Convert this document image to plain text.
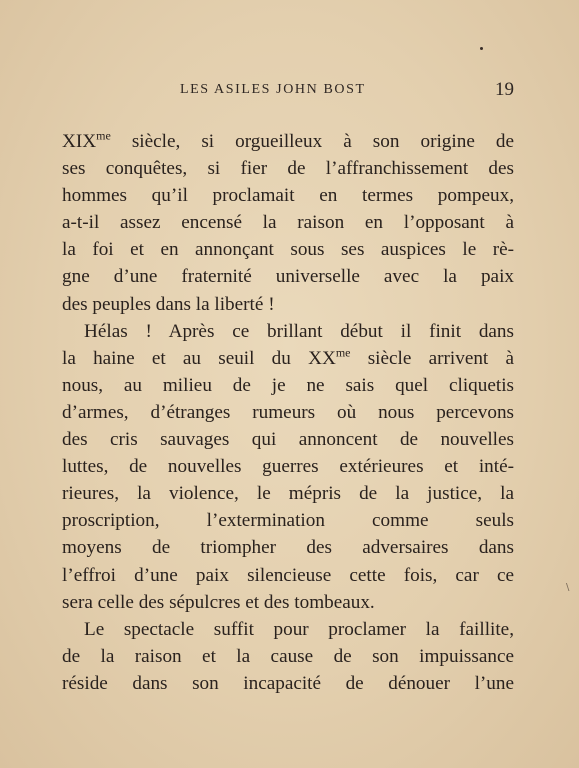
LES ASILES JOHN BOST	19
$XIX^{me}$ siècle, si orgueilleux à son origine de
ses conquêtes, si fier de l’affranchissement des
hommes qu’il proclamait en termes pompeux,
a-t-il assez encensé la raison en l’opposant à
la foi et en annonçant sous ses auspices le rè-
gne d’une fraternité universelle avec la paix
des peuples dans la liberté !
Hélas ! Après ce brillant début il finit dans
la haine et au seuil du $XX^{me}$ siècle arrivent à
nous, au milieu de je ne sais quel cliquetis
d’armes, d’étranges rumeurs où nous percevons
des cris sauvages qui annoncent de nouvelles
luttes, de nouvelles guerres extérieures et inté-
rieures, la violence, le mépris de la justice, la
proscription, l’extermination comme seuls
moyens de triompher des adversaires dans
l’effroi d’une paix silencieuse cette fois, car ce
sera celle des sépulcres et des tombeaux.
Le spectacle suffit pour proclamer la faillite,
de la raison et la cause de son impuissance
réside dans son incapacité de dénouer l’une
\
